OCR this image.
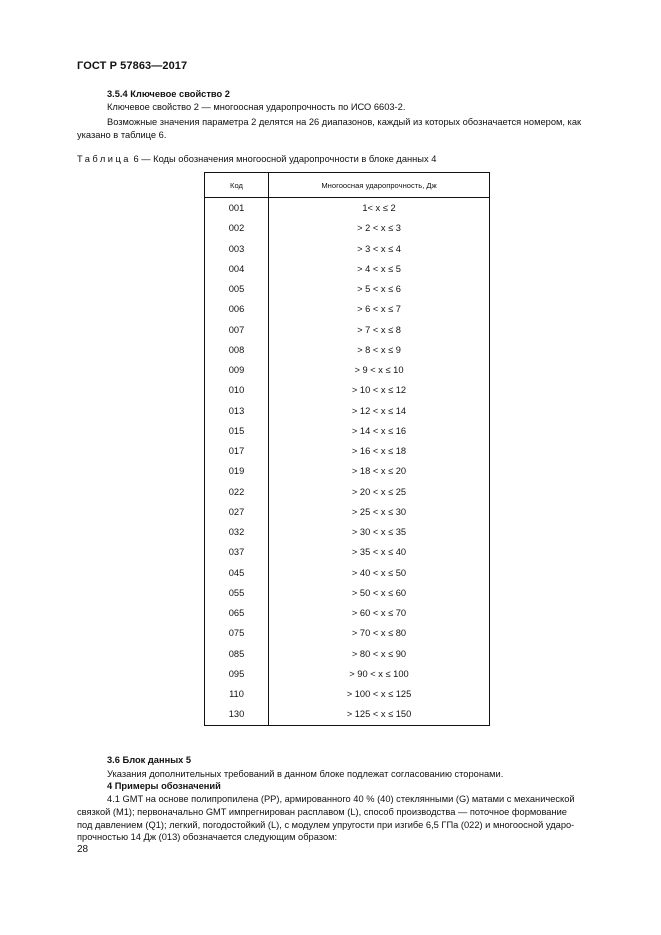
ГОСТ Р 57863—2017
3.5.4 Ключевое свойство 2
Ключевое свойство 2 — многоосная ударопрочность по ИСО 6603-2.
Возможные значения параметра 2 делятся на 26 диапазонов, каждый из которых обозначается номером, как
указано в таблице 6.
Таблица 6 — Коды обозначения многоосной ударопрочности в блоке данных 4
Код	Многоосная ударопрочность, Дж
001	1< x ≤ 2
002	> 2 < x ≤ 3
003	> 3 < x ≤ 4
004	> 4 < x ≤ 5
005	> 5 < x ≤ 6
006	> 6 < x ≤ 7
007	> 7 < x ≤ 8
008	> 8 < x ≤ 9
009	> 9 < x ≤ 10
010	> 10 < x ≤ 12
013	> 12 < x ≤ 14
015	> 14 < x ≤ 16
017	> 16 < x ≤ 18
019	> 18 < x ≤ 20
022	> 20 < x ≤ 25
027	> 25 < x ≤ 30
032	> 30 < x ≤ 35
037	> 35 < x ≤ 40
045	> 40 < x ≤ 50
055	> 50 < x ≤ 60
065	> 60 < x ≤ 70
075	> 70 < x ≤ 80
085	> 80 < x ≤ 90
095	> 90 < x ≤ 100
110	> 100 < x ≤ 125
130	> 125 < x ≤ 150
3.6 Блок данных 5
Указания дополнительных требований в данном блоке подлежат согласованию сторонами.
4 Примеры обозначений
4.1 GMT на основе полипропилена (PP), армированного 40 % (40) стеклянными (G) матами с механической
связкой (M1); первоначально GMT импрегнирован расплавом (L), способ производства — поточное формование
под давлением (Q1); легкий, погодостойкий (L), с модулем упругости при изгибе 6,5 ГПа (022) и многоосной ударо-
прочностью 14 Дж (013) обозначается следующим образом:
28
